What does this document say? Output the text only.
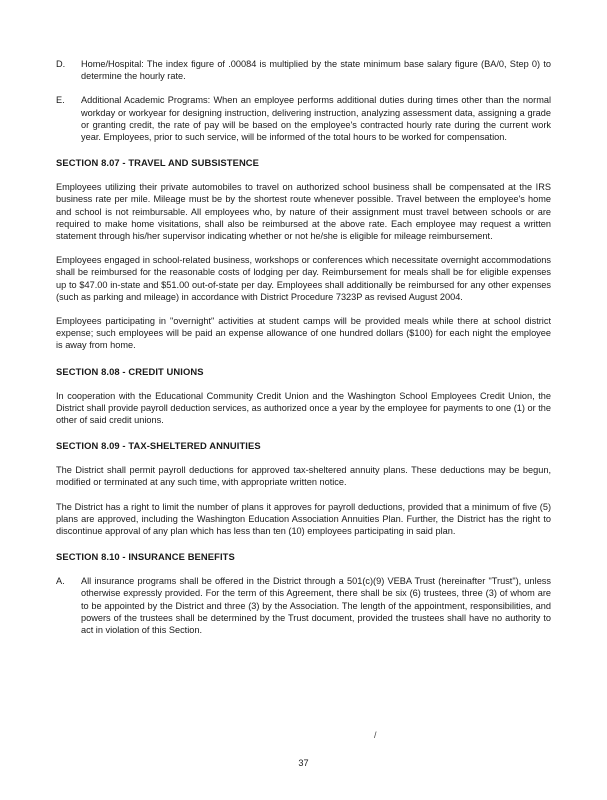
D.	Home/Hospital: The index figure of .00084 is multiplied by the state minimum base salary figure (BA/0, Step 0) to determine the hourly rate.

E.	Additional Academic Programs: When an employee performs additional duties during times other than the normal workday or workyear for designing instruction, delivering instruction, analyzing assessment data, assigning a grade or granting credit, the rate of pay will be based on the employee's contracted hourly rate during the current work year. Employees, prior to such service, will be informed of the total hours to be worked for compensation.

SECTION 8.07 - TRAVEL AND SUBSISTENCE

Employees utilizing their private automobiles to travel on authorized school business shall be compensated at the IRS business rate per mile. Mileage must be by the shortest route whenever possible. Travel between the employee's home and school is not reimbursable. All employees who, by nature of their assignment must travel between schools or are required to make home visitations, shall also be reimbursed at the above rate. Each employee may request a written statement through his/her supervisor indicating whether or not he/she is eligible for mileage reimbursement.

Employees engaged in school-related business, workshops or conferences which necessitate overnight accommodations shall be reimbursed for the reasonable costs of lodging per day. Reimbursement for meals shall be for eligible expenses up to $47.00 in-state and $51.00 out-of-state per day. Employees shall additionally be reimbursed for any other expenses (such as parking and mileage) in accordance with District Procedure 7323P as revised August 2004.

Employees participating in "overnight" activities at student camps will be provided meals while there at school district expense; such employees will be paid an expense allowance of one hundred dollars ($100) for each night the employee is away from home.

SECTION 8.08 - CREDIT UNIONS

In cooperation with the Educational Community Credit Union and the Washington School Employees Credit Union, the District shall provide payroll deduction services, as authorized once a year by the employee for payments to one (1) or the other of said credit unions.

SECTION 8.09 - TAX-SHELTERED ANNUITIES

The District shall permit payroll deductions for approved tax-sheltered annuity plans. These deductions may be begun, modified or terminated at any such time, with appropriate written notice.

The District has a right to limit the number of plans it approves for payroll deductions, provided that a minimum of five (5) plans are approved, including the Washington Education Association Annuities Plan. Further, the District has the right to discontinue approval of any plan which has less than ten (10) employees participating in said plan.

SECTION 8.10 - INSURANCE BENEFITS
A.	All insurance programs shall be offered in the District through a 501(c)(9) VEBA Trust (hereinafter "Trust"), unless otherwise expressly provided. For the term of this Agreement, there shall be six (6) trustees, three (3) of whom are to be appointed by the District and three (3) by the Association. The length of the appointment, responsibilities, and powers of the trustees shall be determined by the Trust document, provided the trustees shall have no authority to act in violation of this Section.

/
37
